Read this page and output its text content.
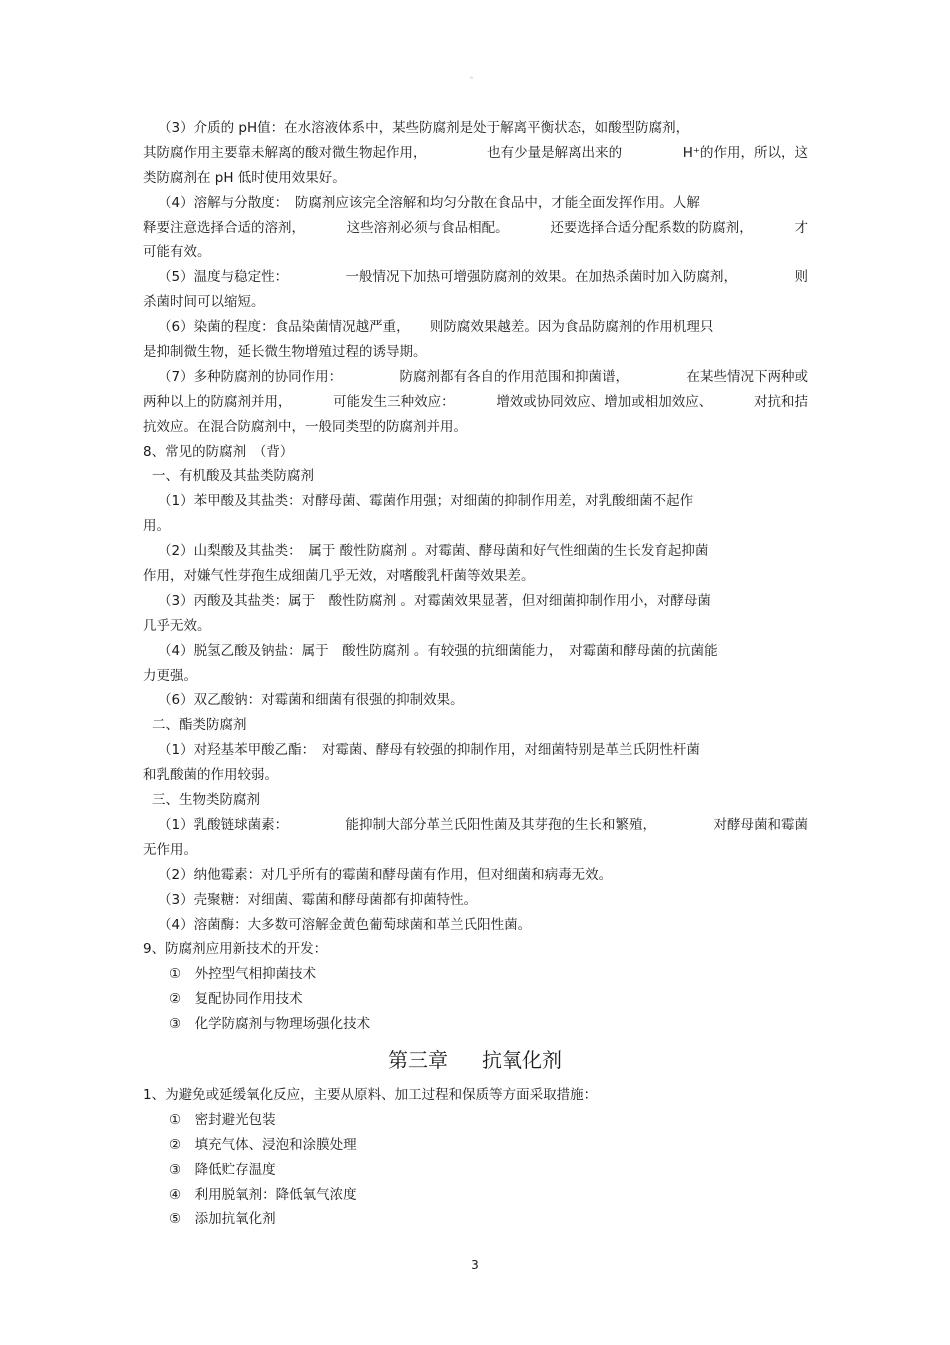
。
（3）介质的 pH值：在水溶液体系中，某些防腐剂是处于解离平衡状态，如酸型防腐剂，
其防腐作用主要靠未解离的酸对微生物起作用，	也有少量是解离出来的	H⁺的作用，所以，这
类防腐剂在 pH 低时使用效果好。
（4）溶解与分散度：　 防腐剂应该完全溶解和均匀分散在食品中，才能全面发挥作用。人解
释要注意选择合适的溶剂，	这些溶剂必须与食品相配。	还要选择合适分配系数的防腐剂，	才
可能有效。
（5）温度与稳定性：	一般情况下加热可增强防腐剂的效果。在加热杀菌时加入防腐剂，	则
杀菌时间可以缩短。
（6）染菌的程度：食品染菌情况越严重，　　则防腐效果越差。因为食品防腐剂的作用机理只
是抑制微生物，延长微生物增殖过程的诱导期。
（7）多种防腐剂的协同作用：	防腐剂都有各自的作用范围和抑菌谱，	在某些情况下两种或
两种以上的防腐剂并用，	可能发生三种效应：	增效或协同效应、增加或相加效应、	对抗和拮
抗效应。在混合防腐剂中，一般同类型的防腐剂并用。
8、常见的防腐剂　（背）
一、有机酸及其盐类防腐剂
（1）苯甲酸及其盐类：对酵母菌、霉菌作用强；对细菌的抑制作用差，对乳酸细菌不起作
用。
（2）山梨酸及其盐类：　属于 酸性防腐剂 。对霉菌、酵母菌和好气性细菌的生长发育起抑菌
作用，对嫌气性芽孢生成细菌几乎无效，对嗜酸乳杆菌等效果差。
（3）丙酸及其盐类：属于　酸性防腐剂 。对霉菌效果显著，但对细菌抑制作用小，对酵母菌
几乎无效。
（4）脱氢乙酸及钠盐：属于　酸性防腐剂 。有较强的抗细菌能力，　对霉菌和酵母菌的抗菌能
力更强。
（6）双乙酸钠：对霉菌和细菌有很强的抑制效果。
二、酯类防腐剂
（1）对羟基苯甲酸乙酯：　对霉菌、酵母有较强的抑制作用，对细菌特别是革兰氏阴性杆菌
和乳酸菌的作用较弱。
三、生物类防腐剂
（1）乳酸链球菌素：	能抑制大部分革兰氏阳性菌及其芽孢的生长和繁殖，	对酵母菌和霉菌
无作用。
（2）纳他霉素：对几乎所有的霉菌和酵母菌有作用，但对细菌和病毒无效。
（3）壳聚糖：对细菌、霉菌和酵母菌都有抑菌特性。
（4）溶菌酶：大多数可溶解金黄色葡萄球菌和革兰氏阳性菌。
9、防腐剂应用新技术的开发：
①　外控型气相抑菌技术
②　复配协同作用技术
③　化学防腐剂与物理场强化技术
第三章 抗氧化剂
1、为避免或延缓氧化反应，主要从原料、加工过程和保质等方面采取措施：
①　密封避光包装
②　填充气体、浸泡和涂膜处理
③　降低贮存温度
④　利用脱氧剂：降低氧气浓度
⑤　添加抗氧化剂
3
